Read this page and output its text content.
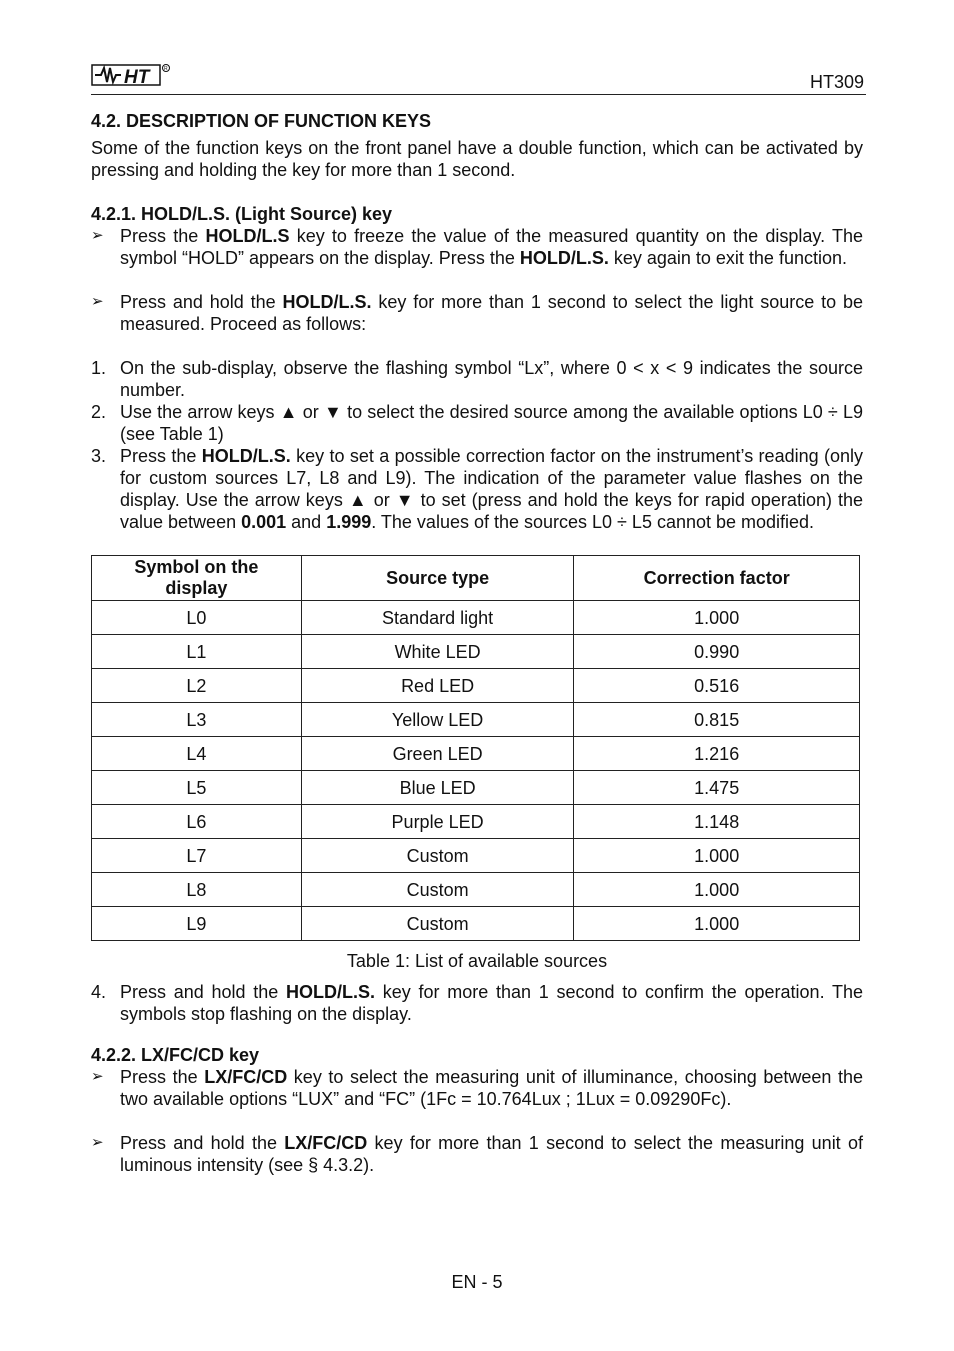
HT	R
HT309
4.2. DESCRIPTION OF FUNCTION KEYS

Some of the function keys on the front panel have a double function, which can be activated by pressing and holding the key for more than 1 second.

4.2.1. HOLD/L.S. (Light Source) key
➢ Press the HOLD/L.S key to freeze the value of the measured quantity on the display. The symbol “HOLD” appears on the display. Press the HOLD/L.S. key again to exit the function.
➢ Press and hold the HOLD/L.S. key for more than 1 second to select the light source to be measured. Proceed as follows:
1. On the sub-display, observe the flashing symbol “Lx”, where 0 < x < 9 indicates the source number.
2. Use the arrow keys ▲ or ▼ to select the desired source among the available options L0 ÷ L9 (see Table 1)
3. Press the HOLD/L.S. key to set a possible correction factor on the instrument’s reading (only for custom sources L7, L8 and L9). The indication of the parameter value flashes on the display. Use the arrow keys ▲ or ▼ to set (press and hold the keys for rapid operation) the value between 0.001 and 1.999. The values of the sources L0 ÷ L5 cannot be modified.
Symbol on the display	Source type	Correction factor
L0	Standard light	1.000
L1	White LED	0.990
L2	Red LED	0.516
L3	Yellow LED	0.815
L4	Green LED	1.216
L5	Blue LED	1.475
L6	Purple LED	1.148
L7	Custom	1.000
L8	Custom	1.000
L9	Custom	1.000

Table 1: List of available sources

4. Press and hold the HOLD/L.S. key for more than 1 second to confirm the operation. The symbols stop flashing on the display.
4.2.2. LX/FC/CD key
➢ Press the LX/FC/CD key to select the measuring unit of illuminance, choosing between the two available options “LUX” and “FC” (1Fc = 10.764Lux ; 1Lux = 0.09290Fc).
➢ Press and hold the LX/FC/CD key for more than 1 second to select the measuring unit of luminous intensity (see § 4.3.2).
EN - 5
